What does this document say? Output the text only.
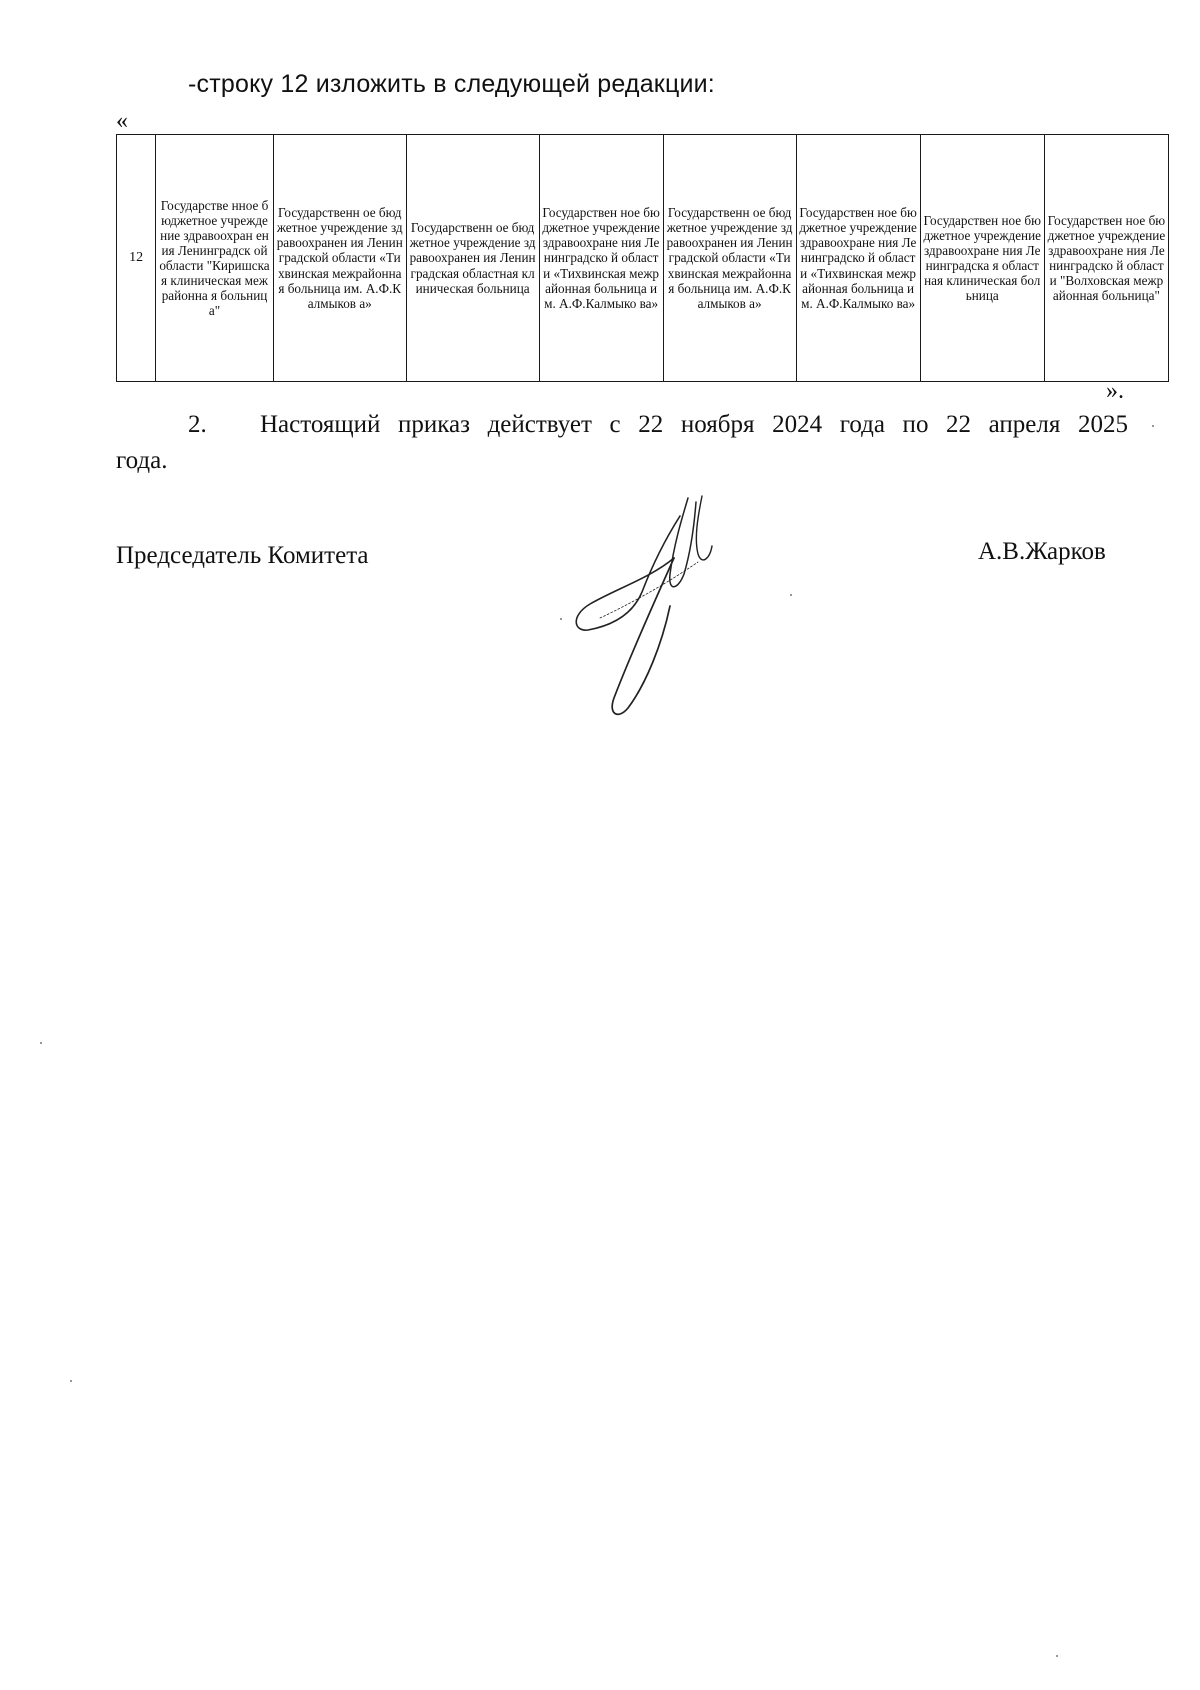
-строку 12 изложить в следующей редакции:
«
12	Государстве нное бюджетное учреждение здравоохран ения Ленинградск ой области "Киришская клиническая межрайонна я больница"	Государственн ое бюджетное учреждение здравоохранен ия Ленинградской области «Тихвинская межрайонная больница им. А.Ф.Калмыков а»	Государственн ое бюджетное учреждение здравоохранен ия Ленинградская областная клиническая больница	Государствен ное бюджетное учреждение здравоохране ния Ленинградско й области «Тихвинская межрайонная больница им. А.Ф.Калмыко ва»	Государственн ое бюджетное учреждение здравоохранен ия Ленинградской области «Тихвинская межрайонная больница им. А.Ф.Калмыков а»	Государствен ное бюджетное учреждение здравоохране ния Ленинградско й области «Тихвинская межрайонная больница им. А.Ф.Калмыко ва»	Государствен ное бюджетное учреждение здравоохране ния Ленинградска я областная клиническая больница	Государствен ное бюджетное учреждение здравоохране ния Ленинградско й области "Волховская межрайонная больница"
».
2. Настоящий приказ действует с 22 ноября 2024 года по 22 апреля 2025
года.
Председатель Комитета	А.В.Жарков
